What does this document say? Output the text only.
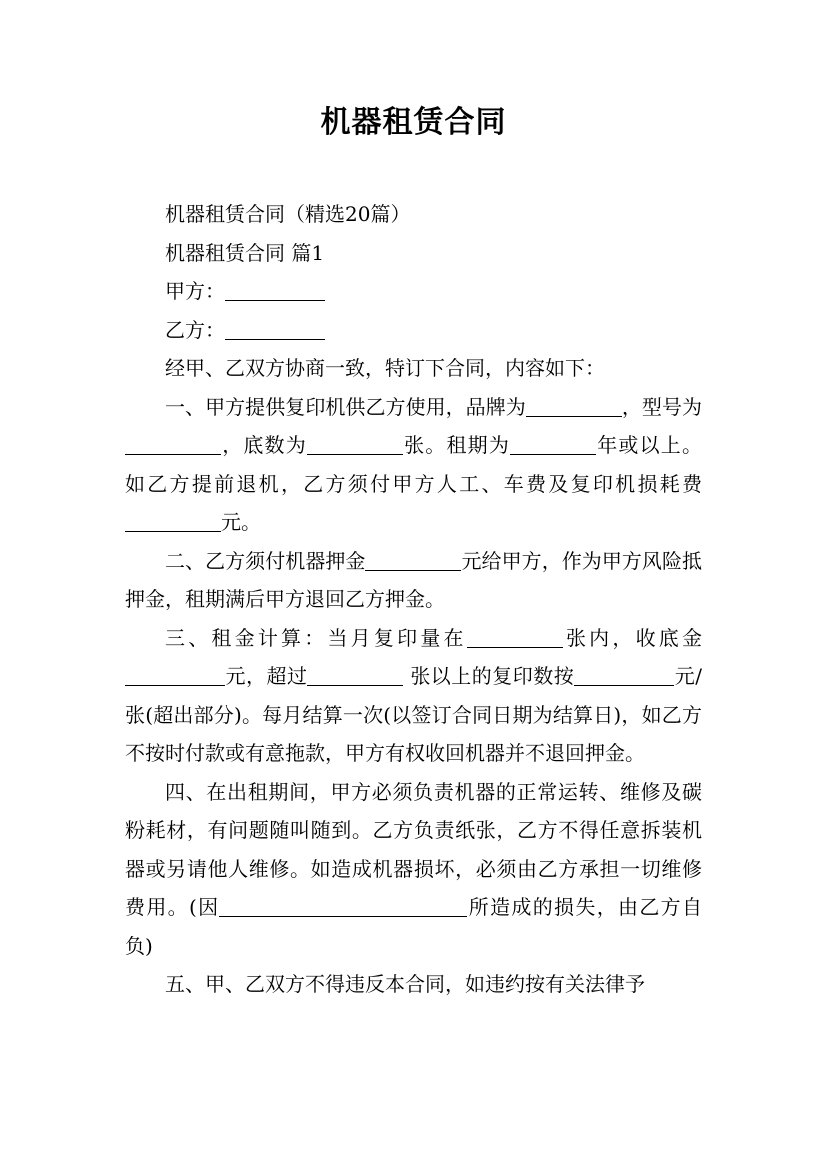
机器租赁合同

机器租赁合同（精选20篇）

机器租赁合同 篇1

甲方：

乙方：

经甲、乙双方协商一致，特订下合同，内容如下：

一、甲方提供复印机供乙方使用，品牌为	，型号为，底数为	张。租期为	年或以上。如乙方提前退机，乙方须付甲方人工、车费及复印机损耗费元。

二、乙方须付机器押金	元给甲方，作为甲方风险抵押金，租期满后甲方退回乙方押金。

三、租金计算：当月复印量在	张内，收底金元，超过	张以上的复印数按	元/张(超出部分)。每月结算一次(以签订合同日期为结算日)，如乙方不按时付款或有意拖款，甲方有权收回机器并不退回押金。

四、在出租期间，甲方必须负责机器的正常运转、维修及碳粉耗材，有问题随叫随到。乙方负责纸张，乙方不得任意拆装机器或另请他人维修。如造成机器损坏，必须由乙方承担一切维修费用。(因	所造成的损失，由乙方自负)

五、甲、乙双方不得违反本合同，如违约按有关法律予
